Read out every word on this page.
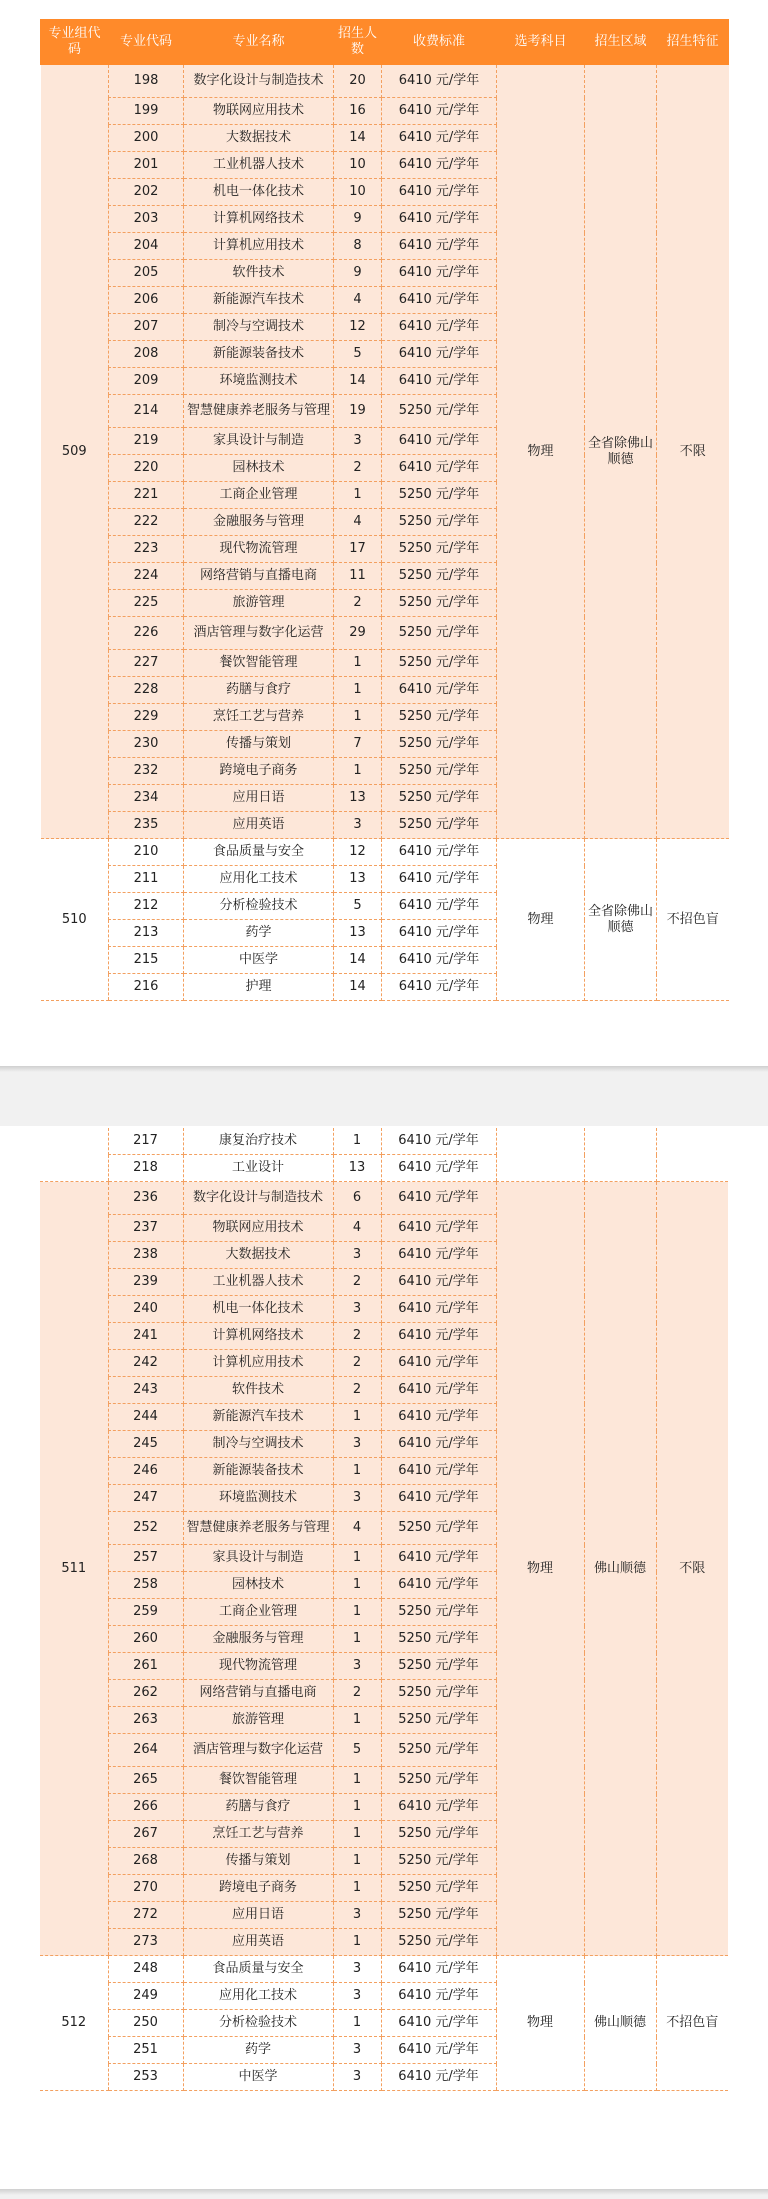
专业组代码	专业代码	专业名称	招生人数	收费标准	选考科目	招生区域	招生特征
509	198	数字化设计与制造技术	20	6410 元/学年	物理	全省除佛山顺德	不限
	199	物联网应用技术	16	6410 元/学年			
	200	大数据技术	14	6410 元/学年			
	201	工业机器人技术	10	6410 元/学年			
	202	机电一体化技术	10	6410 元/学年			
	203	计算机网络技术	9	6410 元/学年			
	204	计算机应用技术	8	6410 元/学年			
	205	软件技术	9	6410 元/学年			
	206	新能源汽车技术	4	6410 元/学年			
	207	制冷与空调技术	12	6410 元/学年			
	208	新能源装备技术	5	6410 元/学年			
	209	环境监测技术	14	6410 元/学年			
	214	智慧健康养老服务与管理	19	5250 元/学年			
	219	家具设计与制造	3	6410 元/学年			
	220	园林技术	2	6410 元/学年			
	221	工商企业管理	1	5250 元/学年			
	222	金融服务与管理	4	5250 元/学年			
	223	现代物流管理	17	5250 元/学年			
	224	网络营销与直播电商	11	5250 元/学年			
	225	旅游管理	2	5250 元/学年			
	226	酒店管理与数字化运营	29	5250 元/学年			
	227	餐饮智能管理	1	5250 元/学年			
	228	药膳与食疗	1	6410 元/学年			
	229	烹饪工艺与营养	1	5250 元/学年			
	230	传播与策划	7	5250 元/学年			
	232	跨境电子商务	1	5250 元/学年			
	234	应用日语	13	5250 元/学年			
	235	应用英语	3	5250 元/学年			
510	210	食品质量与安全	12	6410 元/学年	物理	全省除佛山顺德	不招色盲
	211	应用化工技术	13	6410 元/学年			
	212	分析检验技术	5	6410 元/学年			
	213	药学	13	6410 元/学年			
	215	中医学	14	6410 元/学年			
	216	护理	14	6410 元/学年			
	217	康复治疗技术	1	6410 元/学年			
	218	工业设计	13	6410 元/学年			
511	236	数字化设计与制造技术	6	6410 元/学年	物理	佛山顺德	不限
	237	物联网应用技术	4	6410 元/学年			
	238	大数据技术	3	6410 元/学年			
	239	工业机器人技术	2	6410 元/学年			
	240	机电一体化技术	3	6410 元/学年			
	241	计算机网络技术	2	6410 元/学年			
	242	计算机应用技术	2	6410 元/学年			
	243	软件技术	2	6410 元/学年			
	244	新能源汽车技术	1	6410 元/学年			
	245	制冷与空调技术	3	6410 元/学年			
	246	新能源装备技术	1	6410 元/学年			
	247	环境监测技术	3	6410 元/学年			
	252	智慧健康养老服务与管理	4	5250 元/学年			
	257	家具设计与制造	1	6410 元/学年			
	258	园林技术	1	6410 元/学年			
	259	工商企业管理	1	5250 元/学年			
	260	金融服务与管理	1	5250 元/学年			
	261	现代物流管理	3	5250 元/学年			
	262	网络营销与直播电商	2	5250 元/学年			
	263	旅游管理	1	5250 元/学年			
	264	酒店管理与数字化运营	5	5250 元/学年			
	265	餐饮智能管理	1	5250 元/学年			
	266	药膳与食疗	1	6410 元/学年			
	267	烹饪工艺与营养	1	5250 元/学年			
	268	传播与策划	1	5250 元/学年			
	270	跨境电子商务	1	5250 元/学年			
	272	应用日语	3	5250 元/学年			
	273	应用英语	1	5250 元/学年			
512	248	食品质量与安全	3	6410 元/学年	物理	佛山顺德	不招色盲
	249	应用化工技术	3	6410 元/学年			
	250	分析检验技术	1	6410 元/学年			
	251	药学	3	6410 元/学年			
	253	中医学	3	6410 元/学年			
